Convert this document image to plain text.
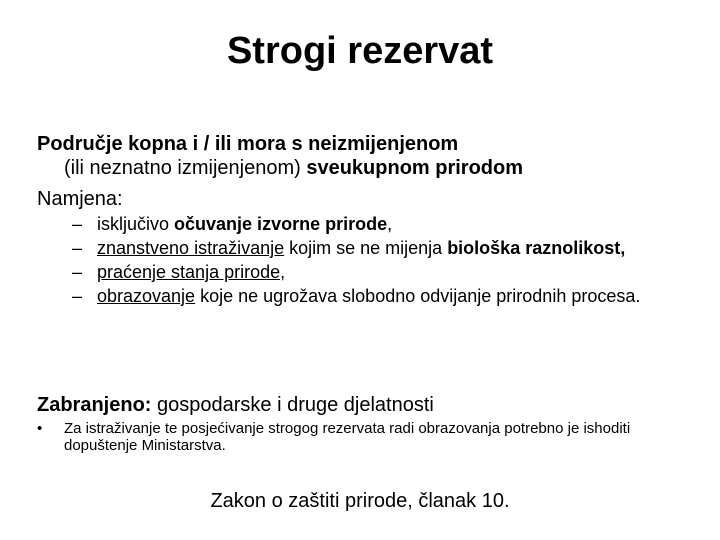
Strogi rezervat
Područje kopna i / ili mora s neizmijenjenom
(ili neznatno izmijenjenom) sveukupnom prirodom
Namjena:
– isključivo očuvanje izvorne prirode,
– znanstveno istraživanje kojim se ne mijenja biološka raznolikost,
– praćenje stanja prirode,
– obrazovanje koje ne ugrožava slobodno odvijanje prirodnih procesa.
Zabranjeno: gospodarske i druge djelatnosti
•	Za istraživanje te posjećivanje strogog rezervata radi obrazovanja potrebno je ishoditi dopuštenje Ministarstva.
Zakon o zaštiti prirode, članak 10.
